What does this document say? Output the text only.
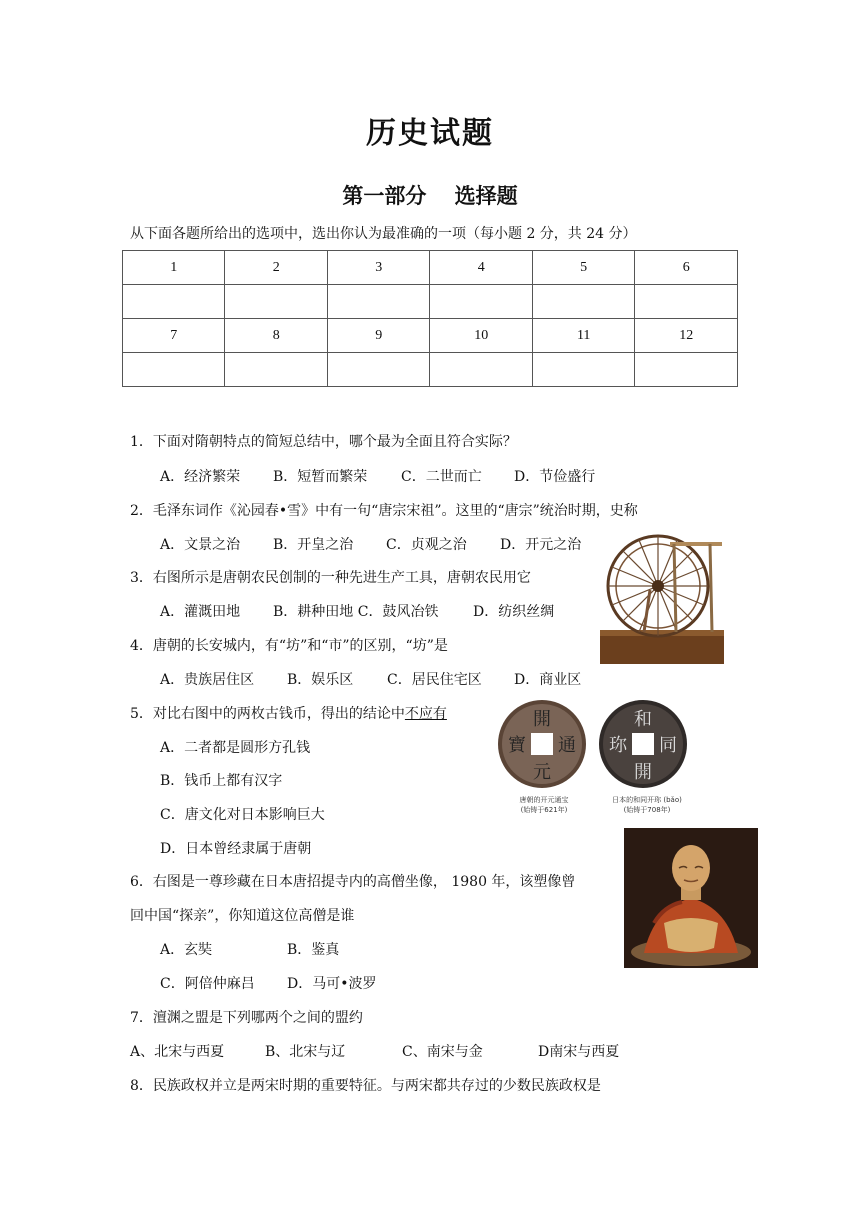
历史试题
第一部分　 选择题
从下面各题所给出的选项中，选出你认为最准确的一项（每小题 2 分，共 24 分）
1	2	3	4	5	6

7	8	9	10	11	12

1．下面对隋朝特点的简短总结中，哪个最为全面且符合实际？
A．经济繁荣 B．短暂而繁荣 C．二世而亡 D．节俭盛行
2．毛泽东词作《沁园春•雪》中有一句“唐宗宋祖”。这里的“唐宗”统治时期，史称
A．文景之治 B．开皇之治 C．贞观之治 D．开元之治
3．右图所示是唐朝农民创制的一种先进生产工具，唐朝农民用它
A．灌溉田地 B．耕种田地 C．鼓风冶铁 D．纺织丝绸
4．唐朝的长安城内，有“坊”和“市”的区别，“坊”是
A．贵族居住区 B．娱乐区 C．居民住宅区 D．商业区
5．对比右图中的两枚古钱币，得出的结论中不应有
A．二者都是圆形方孔钱
B．钱币上都有汉字
C．唐文化对日本影响巨大
D．日本曾经隶属于唐朝
開
元
通
寶
和
開
同
珎
唐朝的开元通宝
(始铸于621年)
日本的和同开珎 (bǎo)
(始铸于708年)
6．右图是一尊珍藏在日本唐招提寺内的高僧坐像， 1980 年，该塑像曾
回中国“探亲”，你知道这位高僧是谁
A．玄奘	B．鉴真
C．阿倍仲麻吕 D．马可•波罗
7．澶渊之盟是下列哪两个之间的盟约
A、北宋与西夏	B、北宋与辽	C、南宋与金	D南宋与西夏
8．民族政权并立是两宋时期的重要特征。与两宋都共存过的少数民族政权是
